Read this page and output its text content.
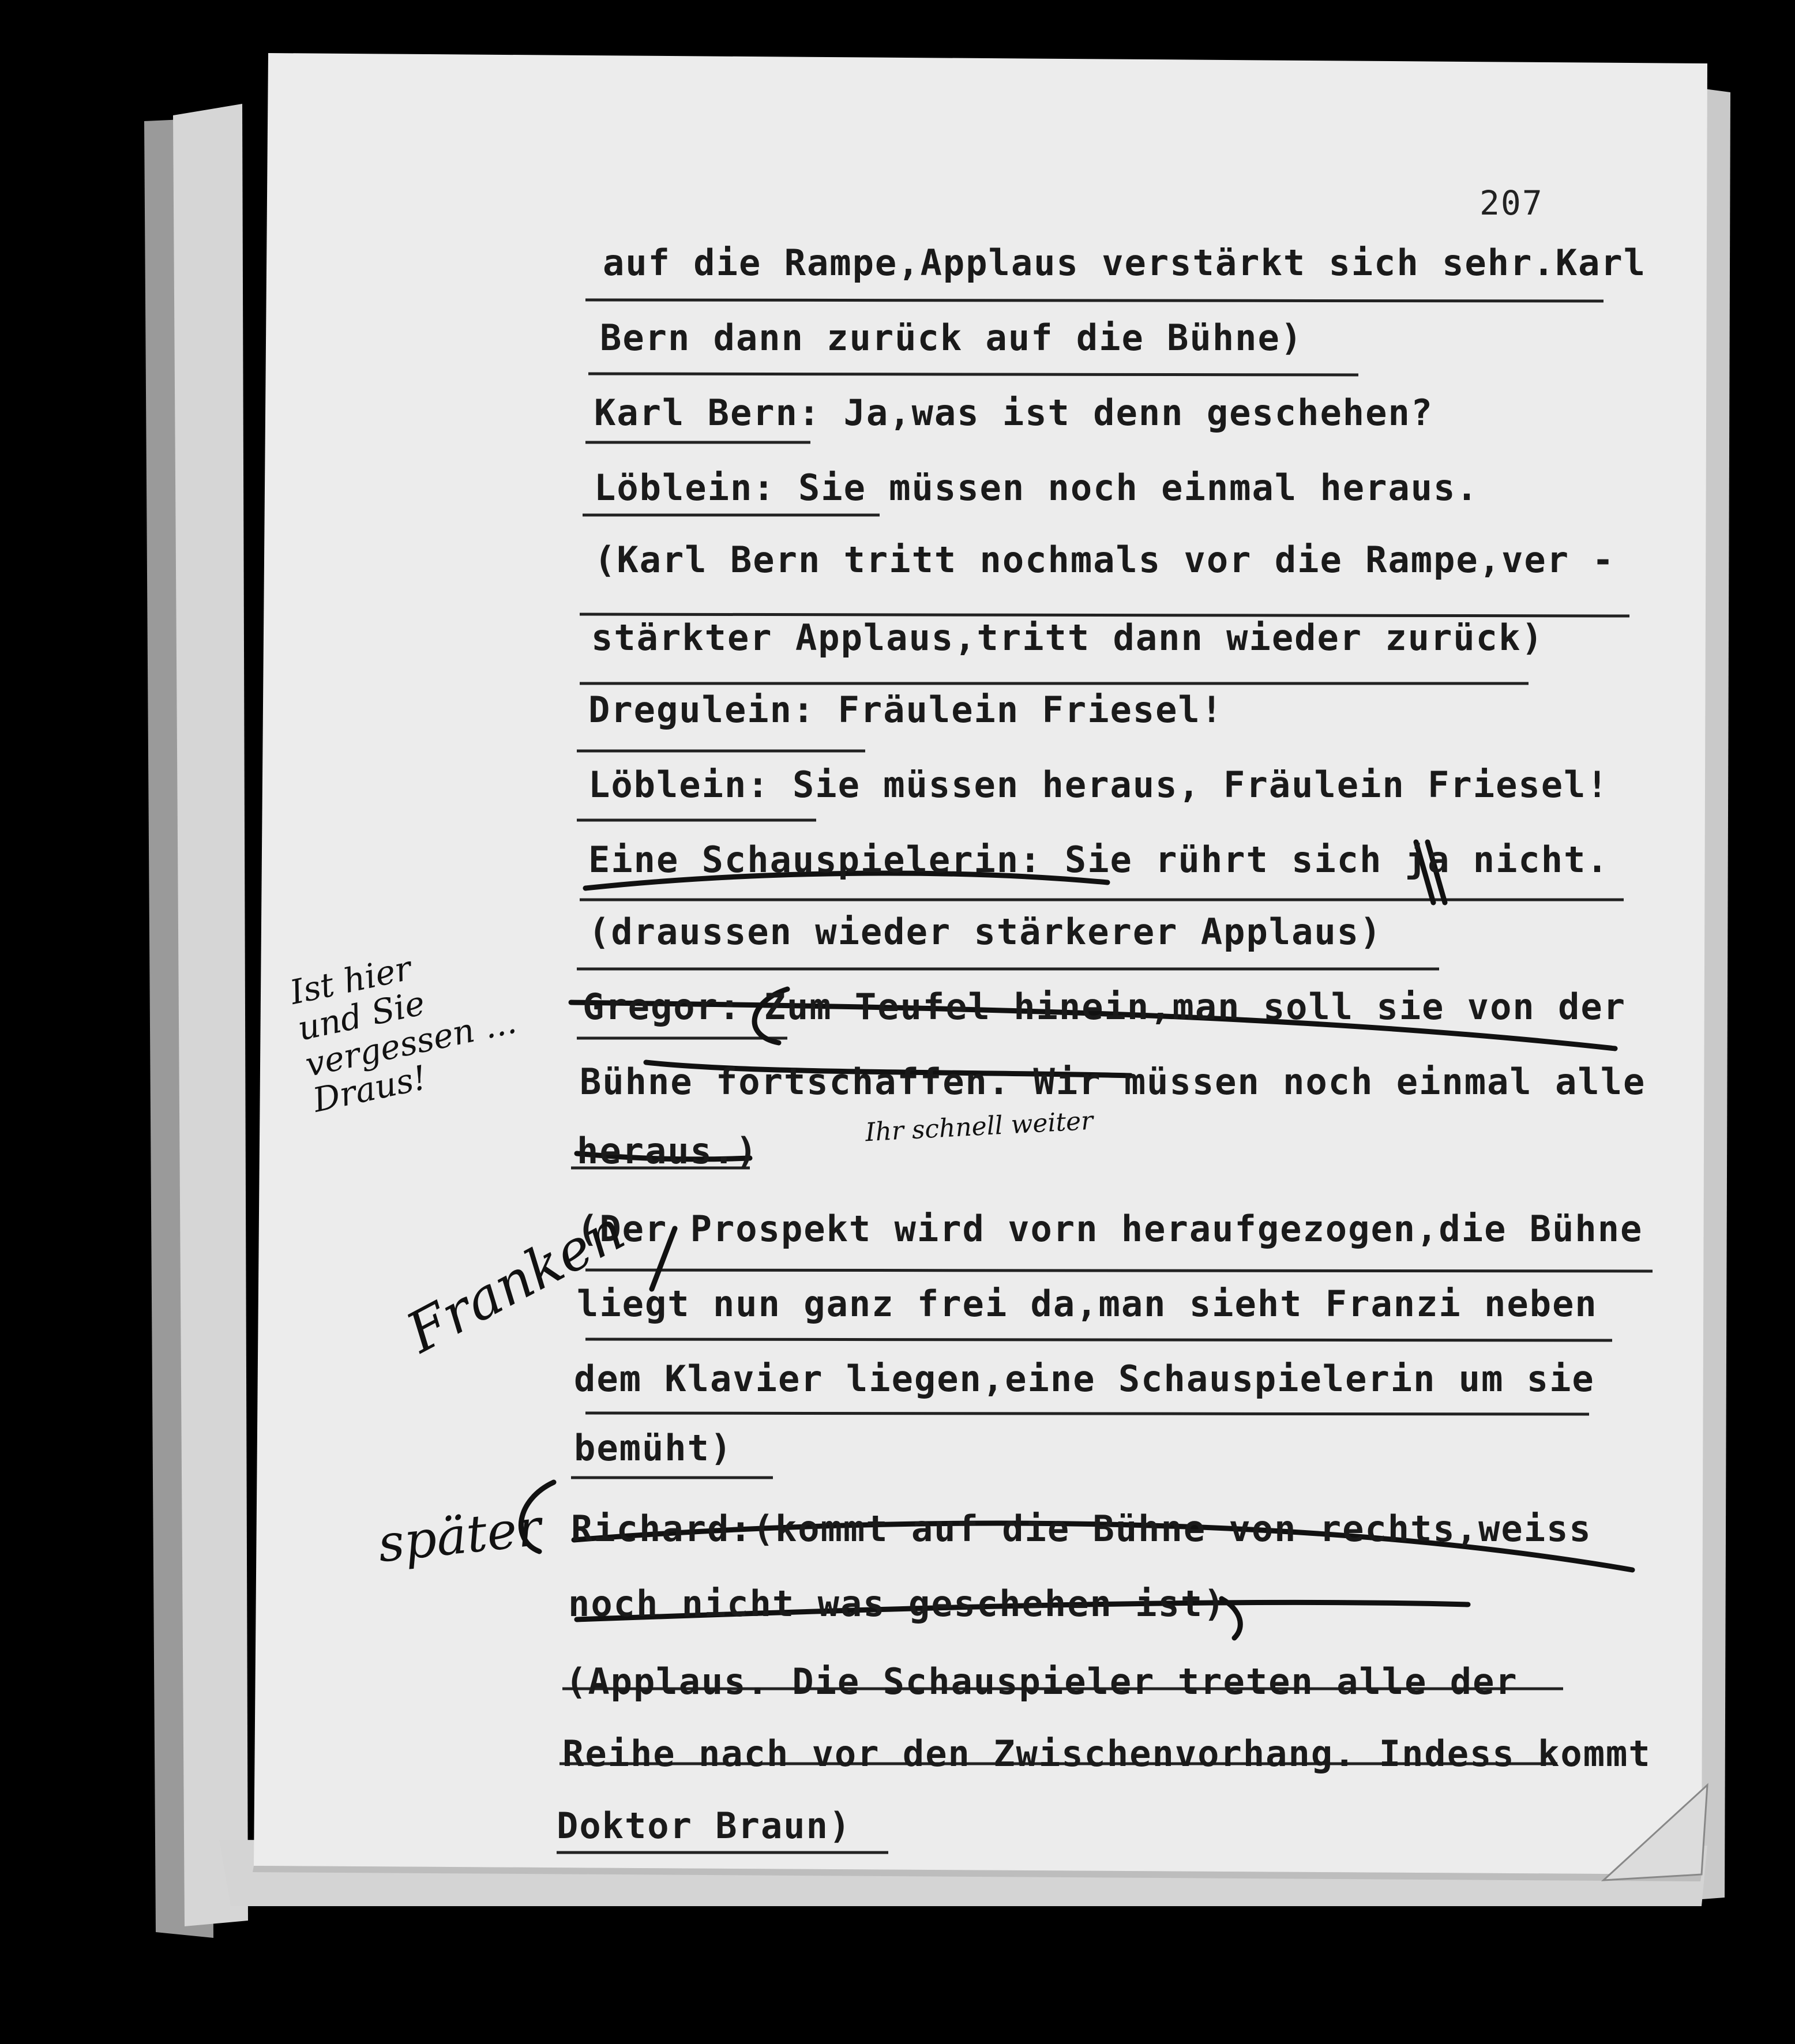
207
auf die Rampe,Applaus verstärkt sich sehr.Karl
Bern dann zurück auf die Bühne)
Karl Bern: Ja,was ist denn geschehen?
Löblein: Sie müssen noch einmal heraus.
(Karl Bern tritt nochmals vor die Rampe,ver -
stärkter Applaus,tritt dann wieder zurück)
Dregulein: Fräulein Friesel!
Löblein: Sie müssen heraus, Fräulein Friesel!
Eine Schauspielerin: Sie rührt sich ja nicht.
(draussen wieder stärkerer Applaus)
Gregor: Zum Teufel hinein,man soll sie von der
Bühne fortschaffen. Wir müssen noch einmal alle
heraus.)
(Der Prospekt wird vorn heraufgezogen,die Bühne
liegt nun ganz frei da,man sieht Franzi neben
dem Klavier liegen,eine Schauspielerin um sie
bemüht)
Richard:(kommt auf die Bühne von rechts,weiss
noch nicht was geschehen ist)
(Applaus. Die Schauspieler treten alle der
Reihe nach vor den Zwischenvorhang. Indess kommt
Doktor Braun)
Ist hier
und Sie
vergessen ...
Draus!
Ihr schnell weiter
Franken
später
